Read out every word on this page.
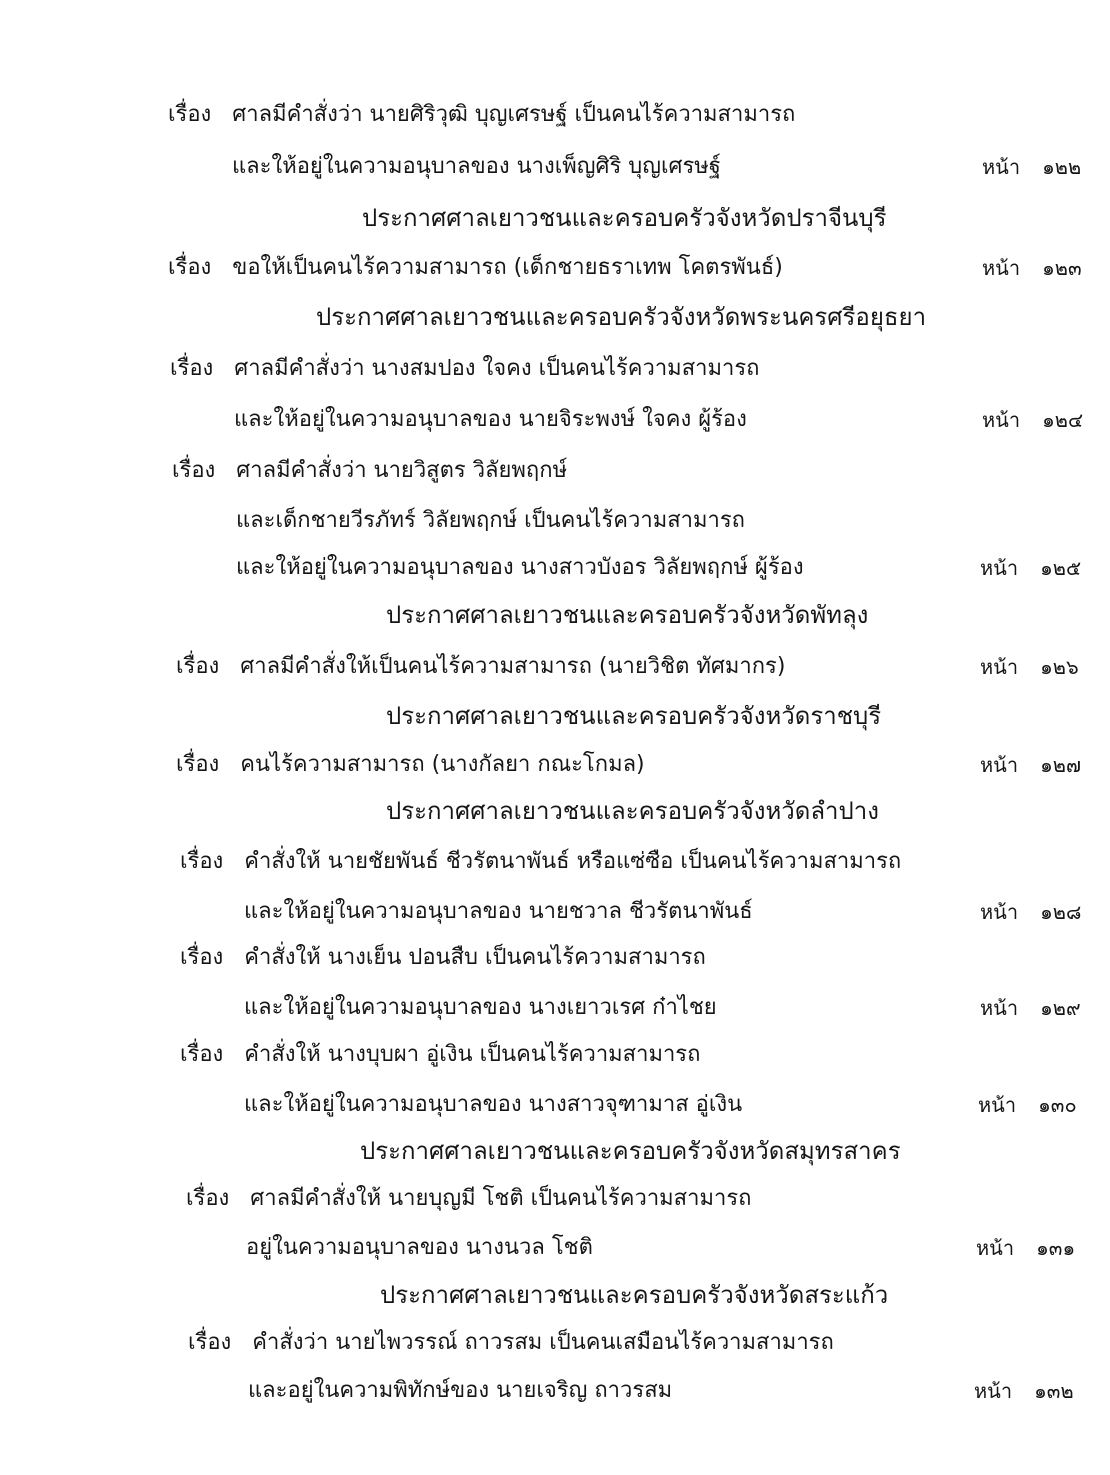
เรื่อง ศาลมีคำสั่งว่า นายศิริวุฒิ บุญเศรษฐ์ เป็นคนไร้ความสามารถ
และให้อยู่ในความอนุบาลของ นางเพ็ญศิริ บุญเศรษฐ์	หน้า ๑๒๒
ประกาศศาลเยาวชนและครอบครัวจังหวัดปราจีนบุรี
เรื่อง ขอให้เป็นคนไร้ความสามารถ (เด็กชายธราเทพ โคตรพันธ์)	หน้า ๑๒๓
ประกาศศาลเยาวชนและครอบครัวจังหวัดพระนครศรีอยุธยา
เรื่อง ศาลมีคำสั่งว่า นางสมปอง ใจคง เป็นคนไร้ความสามารถ
และให้อยู่ในความอนุบาลของ นายจิระพงษ์ ใจคง ผู้ร้อง	หน้า ๑๒๔
เรื่อง ศาลมีคำสั่งว่า นายวิสูตร วิลัยพฤกษ์
และเด็กชายวีรภัทร์ วิลัยพฤกษ์ เป็นคนไร้ความสามารถ
และให้อยู่ในความอนุบาลของ นางสาวบังอร วิลัยพฤกษ์ ผู้ร้อง	หน้า ๑๒๕
ประกาศศาลเยาวชนและครอบครัวจังหวัดพัทลุง
เรื่อง ศาลมีคำสั่งให้เป็นคนไร้ความสามารถ (นายวิชิต ทัศมากร)	หน้า ๑๒๖
ประกาศศาลเยาวชนและครอบครัวจังหวัดราชบุรี
เรื่อง คนไร้ความสามารถ (นางกัลยา กณะโกมล)	หน้า ๑๒๗
ประกาศศาลเยาวชนและครอบครัวจังหวัดลำปาง
เรื่อง คำสั่งให้ นายชัยพันธ์ ชีวรัตนาพันธ์ หรือแซ่ซือ เป็นคนไร้ความสามารถ
และให้อยู่ในความอนุบาลของ นายชวาล ชีวรัตนาพันธ์	หน้า ๑๒๘
เรื่อง คำสั่งให้ นางเย็น ปอนสืบ เป็นคนไร้ความสามารถ
และให้อยู่ในความอนุบาลของ นางเยาวเรศ ก๋าไชย	หน้า ๑๒๙
เรื่อง คำสั่งให้ นางบุบผา อู่เงิน เป็นคนไร้ความสามารถ
และให้อยู่ในความอนุบาลของ นางสาวจุฑามาส อู่เงิน	หน้า ๑๓๐
ประกาศศาลเยาวชนและครอบครัวจังหวัดสมุทรสาคร
เรื่อง ศาลมีคำสั่งให้ นายบุญมี โชติ เป็นคนไร้ความสามารถ
อยู่ในความอนุบาลของ นางนวล โชติ	หน้า ๑๓๑
ประกาศศาลเยาวชนและครอบครัวจังหวัดสระแก้ว
เรื่อง คำสั่งว่า นายไพวรรณ์ ถาวรสม เป็นคนเสมือนไร้ความสามารถ
และอยู่ในความพิทักษ์ของ นายเจริญ ถาวรสม	หน้า ๑๓๒
